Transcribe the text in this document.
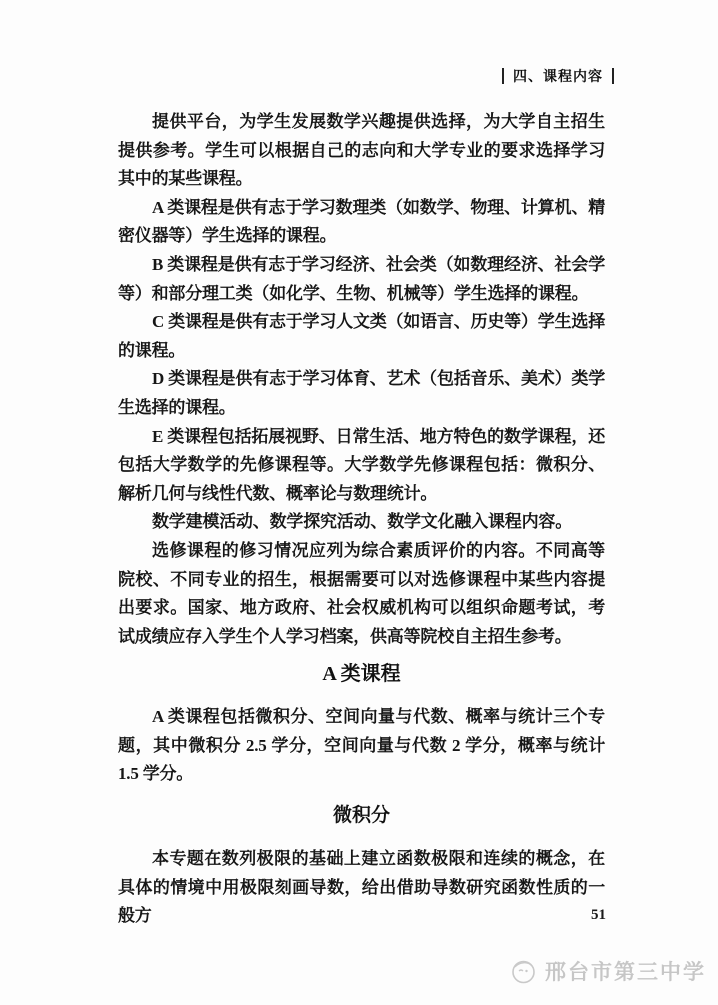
四、课程内容

提供平台，为学生发展数学兴趣提供选择，为大学自主招生提供参考。学生可以根据自己的志向和大学专业的要求选择学习其中的某些课程。

A 类课程是供有志于学习数理类（如数学、物理、计算机、精密仪器等）学生选择的课程。

B 类课程是供有志于学习经济、社会类（如数理经济、社会学等）和部分理工类（如化学、生物、机械等）学生选择的课程。

C 类课程是供有志于学习人文类（如语言、历史等）学生选择的课程。

D 类课程是供有志于学习体育、艺术（包括音乐、美术）类学生选择的课程。

E 类课程包括拓展视野、日常生活、地方特色的数学课程，还包括大学数学的先修课程等。大学数学先修课程包括：微积分、解析几何与线性代数、概率论与数理统计。

数学建模活动、数学探究活动、数学文化融入课程内容。

选修课程的修习情况应列为综合素质评价的内容。不同高等院校、不同专业的招生，根据需要可以对选修课程中某些内容提出要求。国家、地方政府、社会权威机构可以组织命题考试，考试成绩应存入学生个人学习档案，供高等院校自主招生参考。

A 类课程

A 类课程包括微积分、空间向量与代数、概率与统计三个专题，其中微积分 2.5 学分，空间向量与代数 2 学分，概率与统计 1.5 学分。

微积分

本专题在数列极限的基础上建立函数极限和连续的概念，在具体的情境中用极限刻画导数，给出借助导数研究函数性质的一般方	51
邢台市第三中学
